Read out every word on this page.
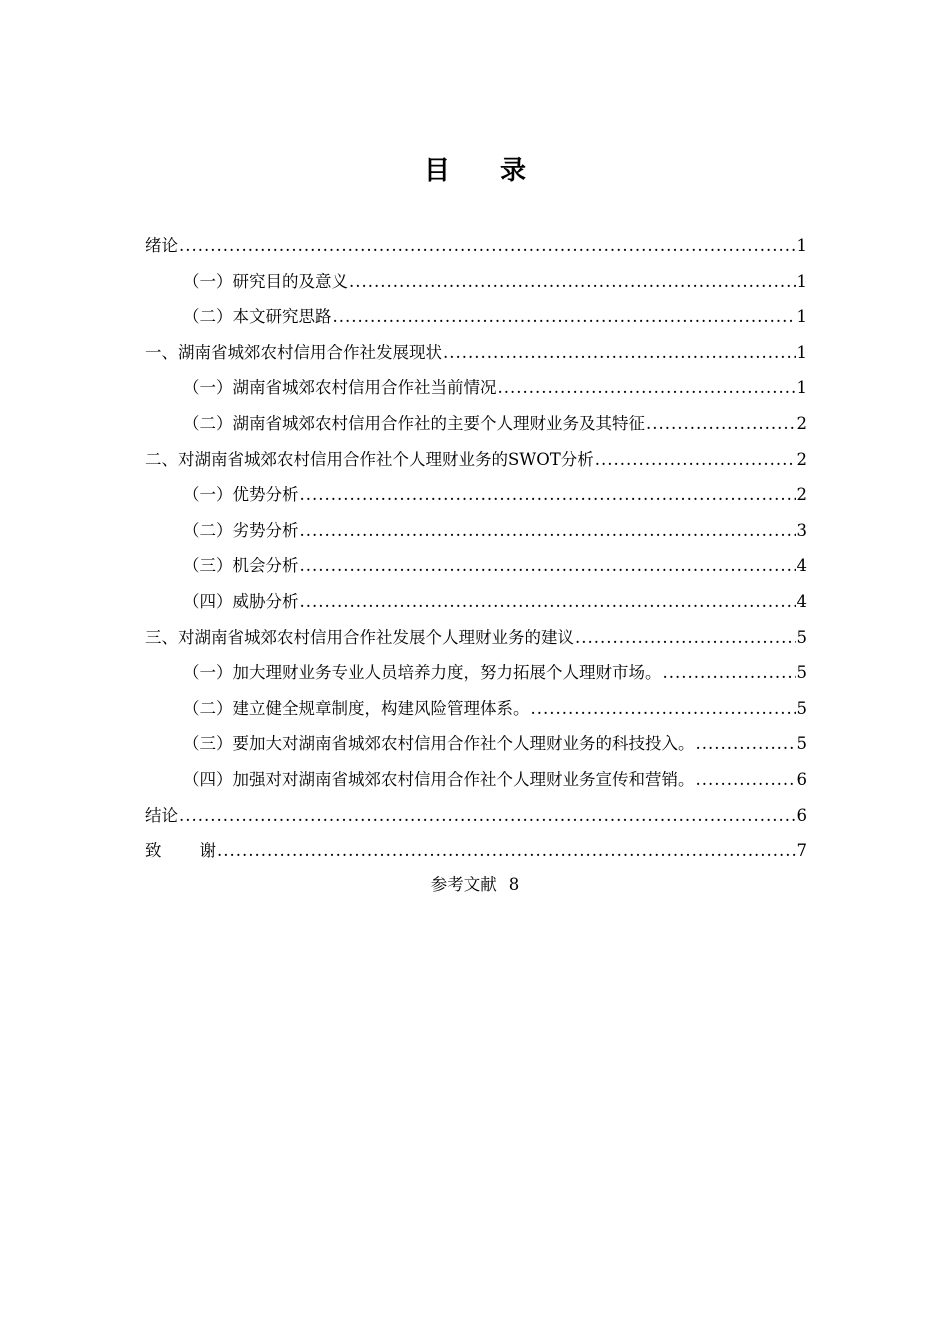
目 录
绪论 .....	1
（一）研究目的及意义 .....	1
（二）本文研究思路 .....	1
一、湖南省城郊农村信用合作社发展现状 .....	1
（一）湖南省城郊农村信用合作社当前情况 .....	1
（二）湖南省城郊农村信用合作社的主要个人理财业务及其特征 .....	2
二、对湖南省城郊农村信用合作社个人理财业务的SWOT分析 .....	2
（一）优势分析 .....	2
（二）劣势分析 .....	3
（三）机会分析 .....	4
（四）威胁分析 .....	4
三、对湖南省城郊农村信用合作社发展个人理财业务的建议 .....	5
（一）加大理财业务专业人员培养力度，努力拓展个人理财市场。 .....	5
（二）建立健全规章制度，构建风险管理体系。 .....	5
（三）要加大对湖南省城郊农村信用合作社个人理财业务的科技投入。 .....	5
（四）加强对对湖南省城郊农村信用合作社个人理财业务宣传和营销。 .....	6
结论 .....	6
致 谢 .....	7
参考文献 8
